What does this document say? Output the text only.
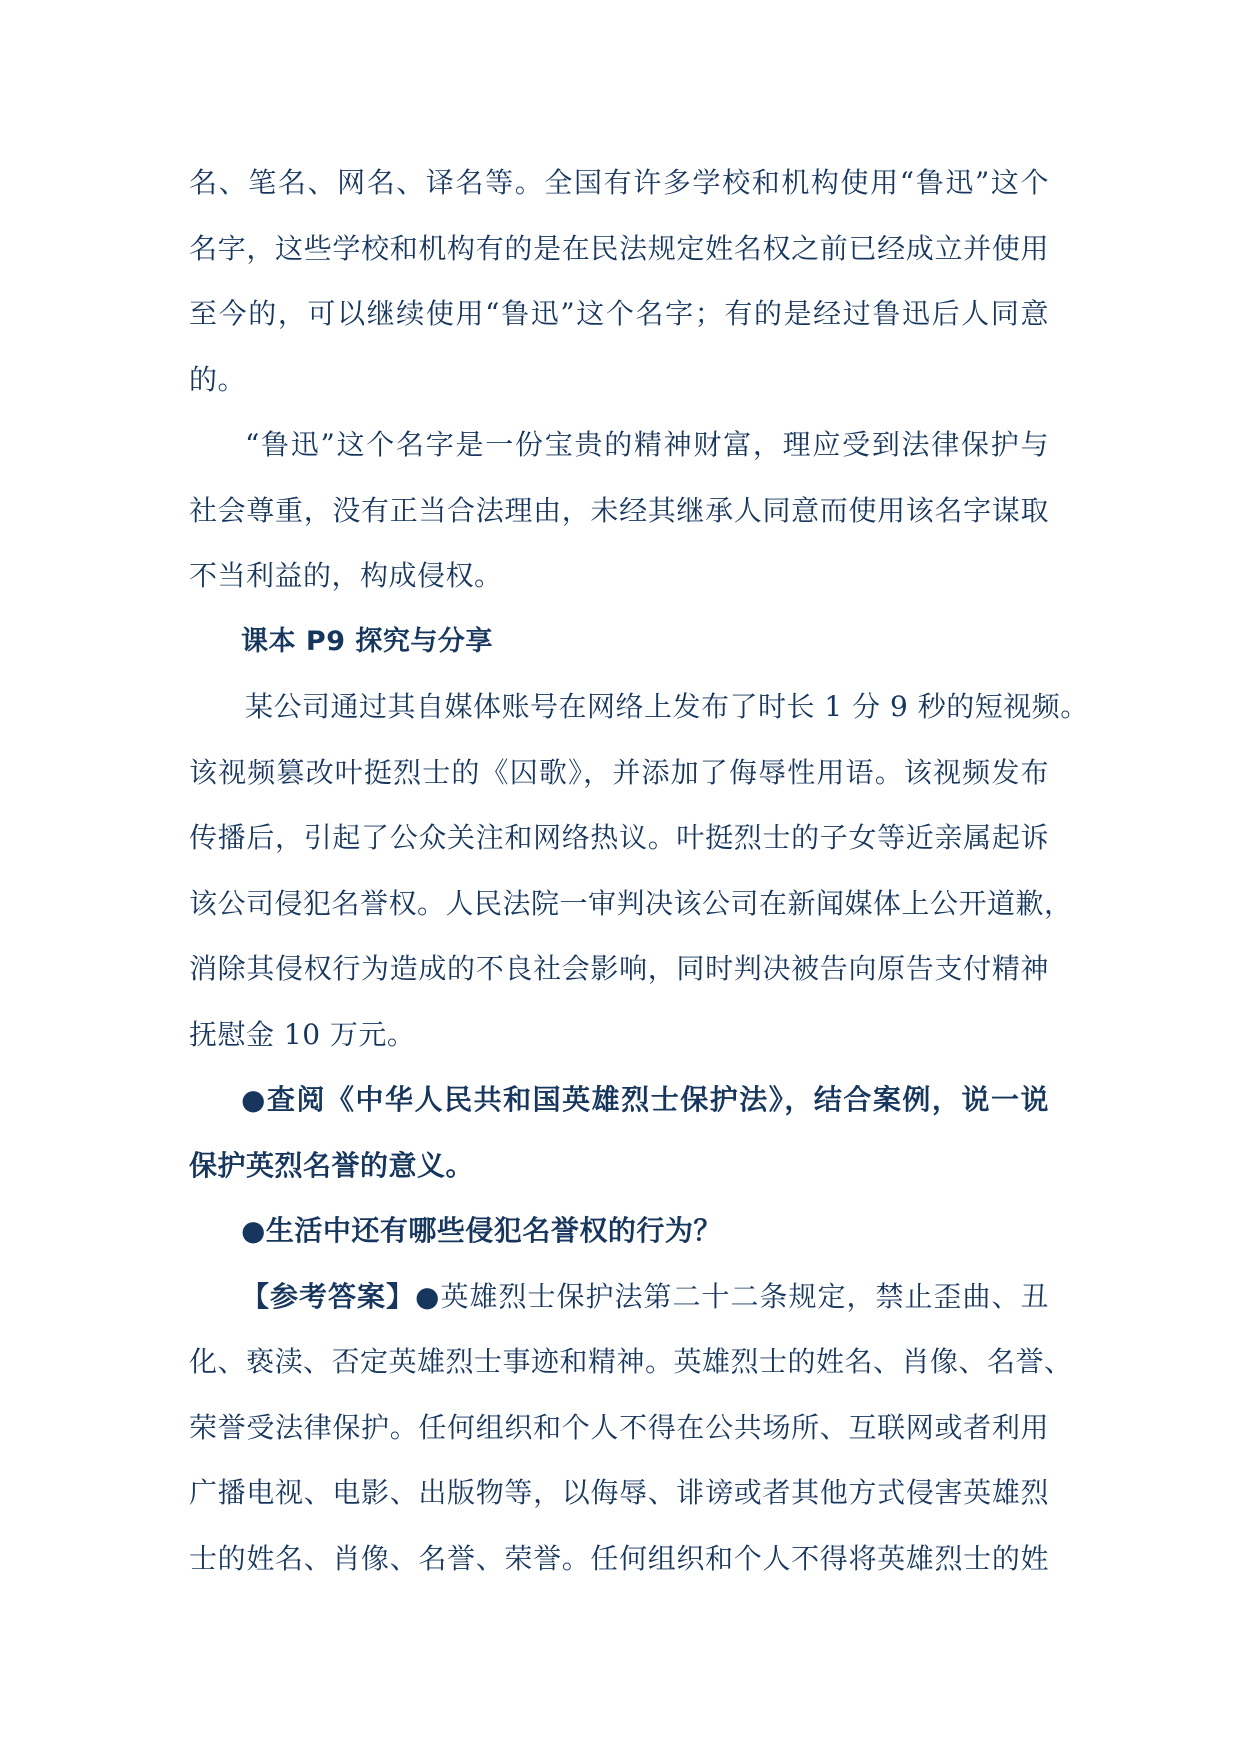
名、笔名、网名、译名等。全国有许多学校和机构使用“鲁迅”这个
名字，这些学校和机构有的是在民法规定姓名权之前已经成立并使用
至今的，可以继续使用“鲁迅”这个名字；有的是经过鲁迅后人同意
的。
“鲁迅”这个名字是一份宝贵的精神财富，理应受到法律保护与
社会尊重，没有正当合法理由，未经其继承人同意而使用该名字谋取
不当利益的，构成侵权。
课本 P9 探究与分享
某公司通过其自媒体账号在网络上发布了时长 1 分 9 秒的短视频。
该视频篡改叶挺烈士的《囚歌》，并添加了侮辱性用语。该视频发布
传播后，引起了公众关注和网络热议。叶挺烈士的子女等近亲属起诉
该公司侵犯名誉权。人民法院一审判决该公司在新闻媒体上公开道歉，
消除其侵权行为造成的不良社会影响，同时判决被告向原告支付精神
抚慰金 10 万元。
●查阅《中华人民共和国英雄烈士保护法》，结合案例，说一说
保护英烈名誉的意义。
●生活中还有哪些侵犯名誉权的行为？
【参考答案】●英雄烈士保护法第二十二条规定，禁止歪曲、丑
化、亵渎、否定英雄烈士事迹和精神。英雄烈士的姓名、肖像、名誉、
荣誉受法律保护。任何组织和个人不得在公共场所、互联网或者利用
广播电视、电影、出版物等，以侮辱、诽谤或者其他方式侵害英雄烈
士的姓名、肖像、名誉、荣誉。任何组织和个人不得将英雄烈士的姓
